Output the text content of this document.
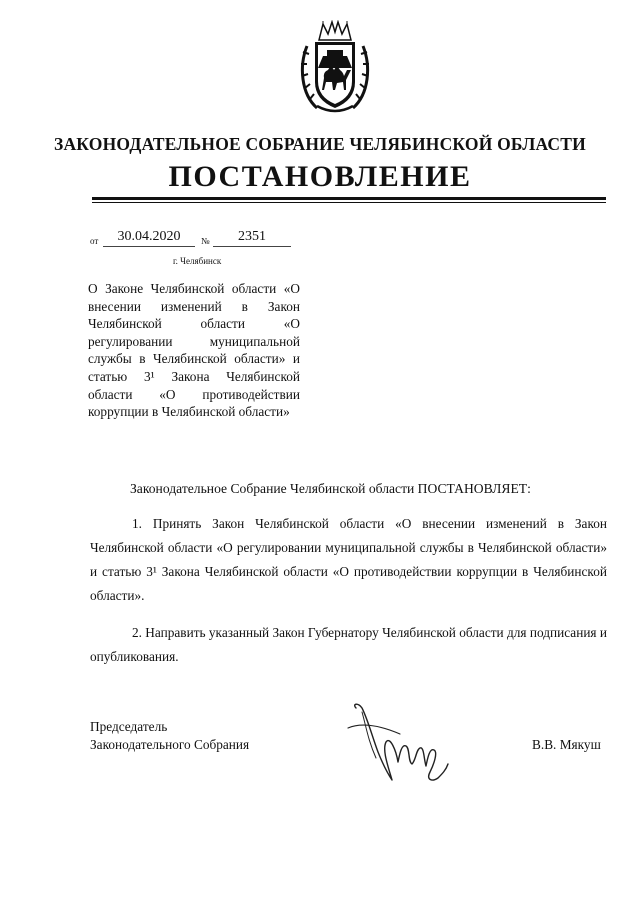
ЗАКОНОДАТЕЛЬНОЕ СОБРАНИЕ ЧЕЛЯБИНСКОЙ ОБЛАСТИ
ПОСТАНОВЛЕНИЕ
от	30.04.2020	№	2351
г. Челябинск
О Законе Челябинской области «О внесении изменений в Закон Челябинской области «О регулировании муниципальной службы в Челябинской области» и статью 3¹ Закона Челябинской области «О противодействии коррупции в Челябинской области»
Законодательное Собрание Челябинской области ПОСТАНОВЛЯЕТ:
1. Принять Закон Челябинской области «О внесении изменений в Закон Челябинской области «О регулировании муниципальной службы в Челябинской области» и статью 3¹ Закона Челябинской области «О противодействии коррупции в Челябинской области».
2. Направить указанный Закон Губернатору Челябинской области для подписания и опубликования.
Председатель
Законодательного Собрания	В.В. Мякуш
